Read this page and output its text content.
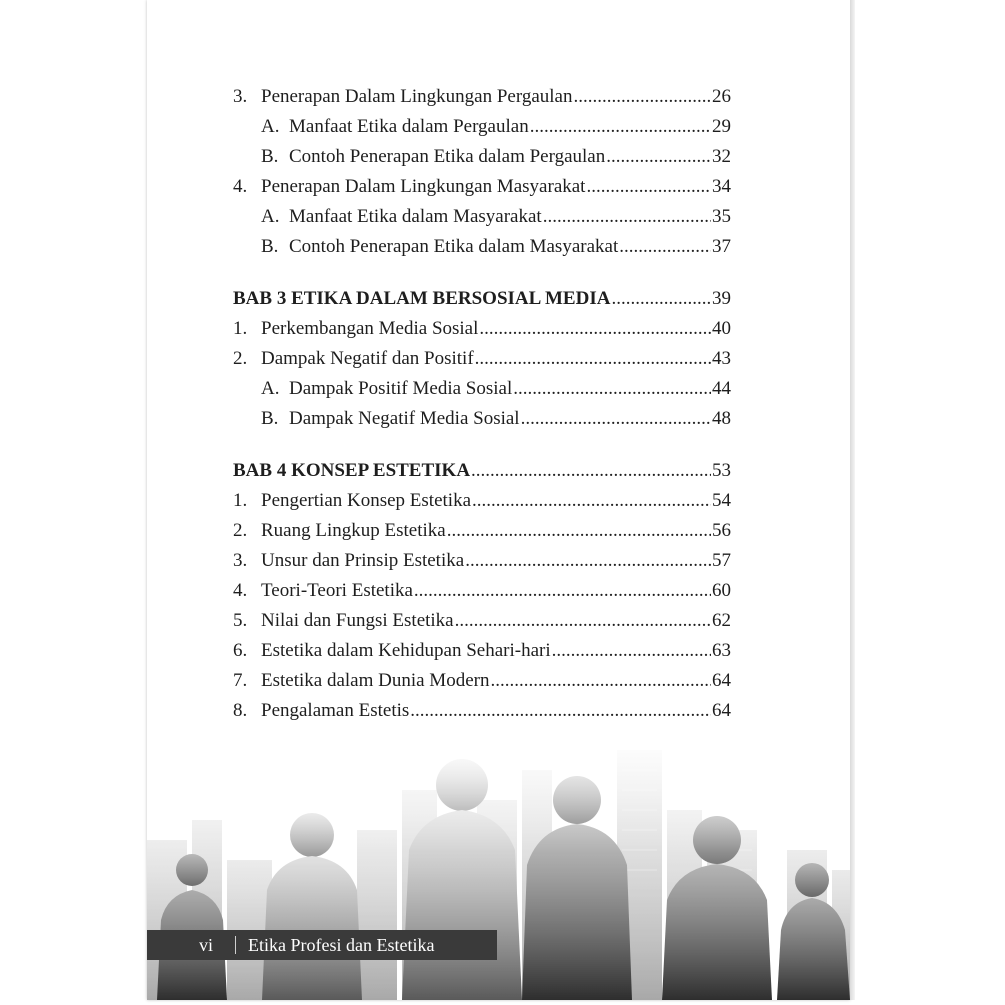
3. Penerapan Dalam Lingkungan Pergaulan .....	26
A. Manfaat Etika dalam Pergaulan .....	29
B. Contoh Penerapan Etika dalam Pergaulan .....	32
4. Penerapan Dalam Lingkungan Masyarakat .....	34
A. Manfaat Etika dalam Masyarakat .....	35
B. Contoh Penerapan Etika dalam Masyarakat .....	37
BAB 3 ETIKA DALAM BERSOSIAL MEDIA .....	39
1. Perkembangan Media Sosial .....	40
2. Dampak Negatif dan Positif .....	43
A. Dampak Positif Media Sosial .....	44
B. Dampak Negatif Media Sosial .....	48
BAB 4 KONSEP ESTETIKA .....	53
1. Pengertian Konsep Estetika .....	54
2. Ruang Lingkup Estetika .....	56
3. Unsur dan Prinsip Estetika .....	57
4. Teori-Teori Estetika .....	60
5. Nilai dan Fungsi Estetika .....	62
6. Estetika dalam Kehidupan Sehari-hari .....	63
7. Estetika dalam Dunia Modern .....	64
8. Pengalaman Estetis .....	64
vi	Etika Profesi dan Estetika
